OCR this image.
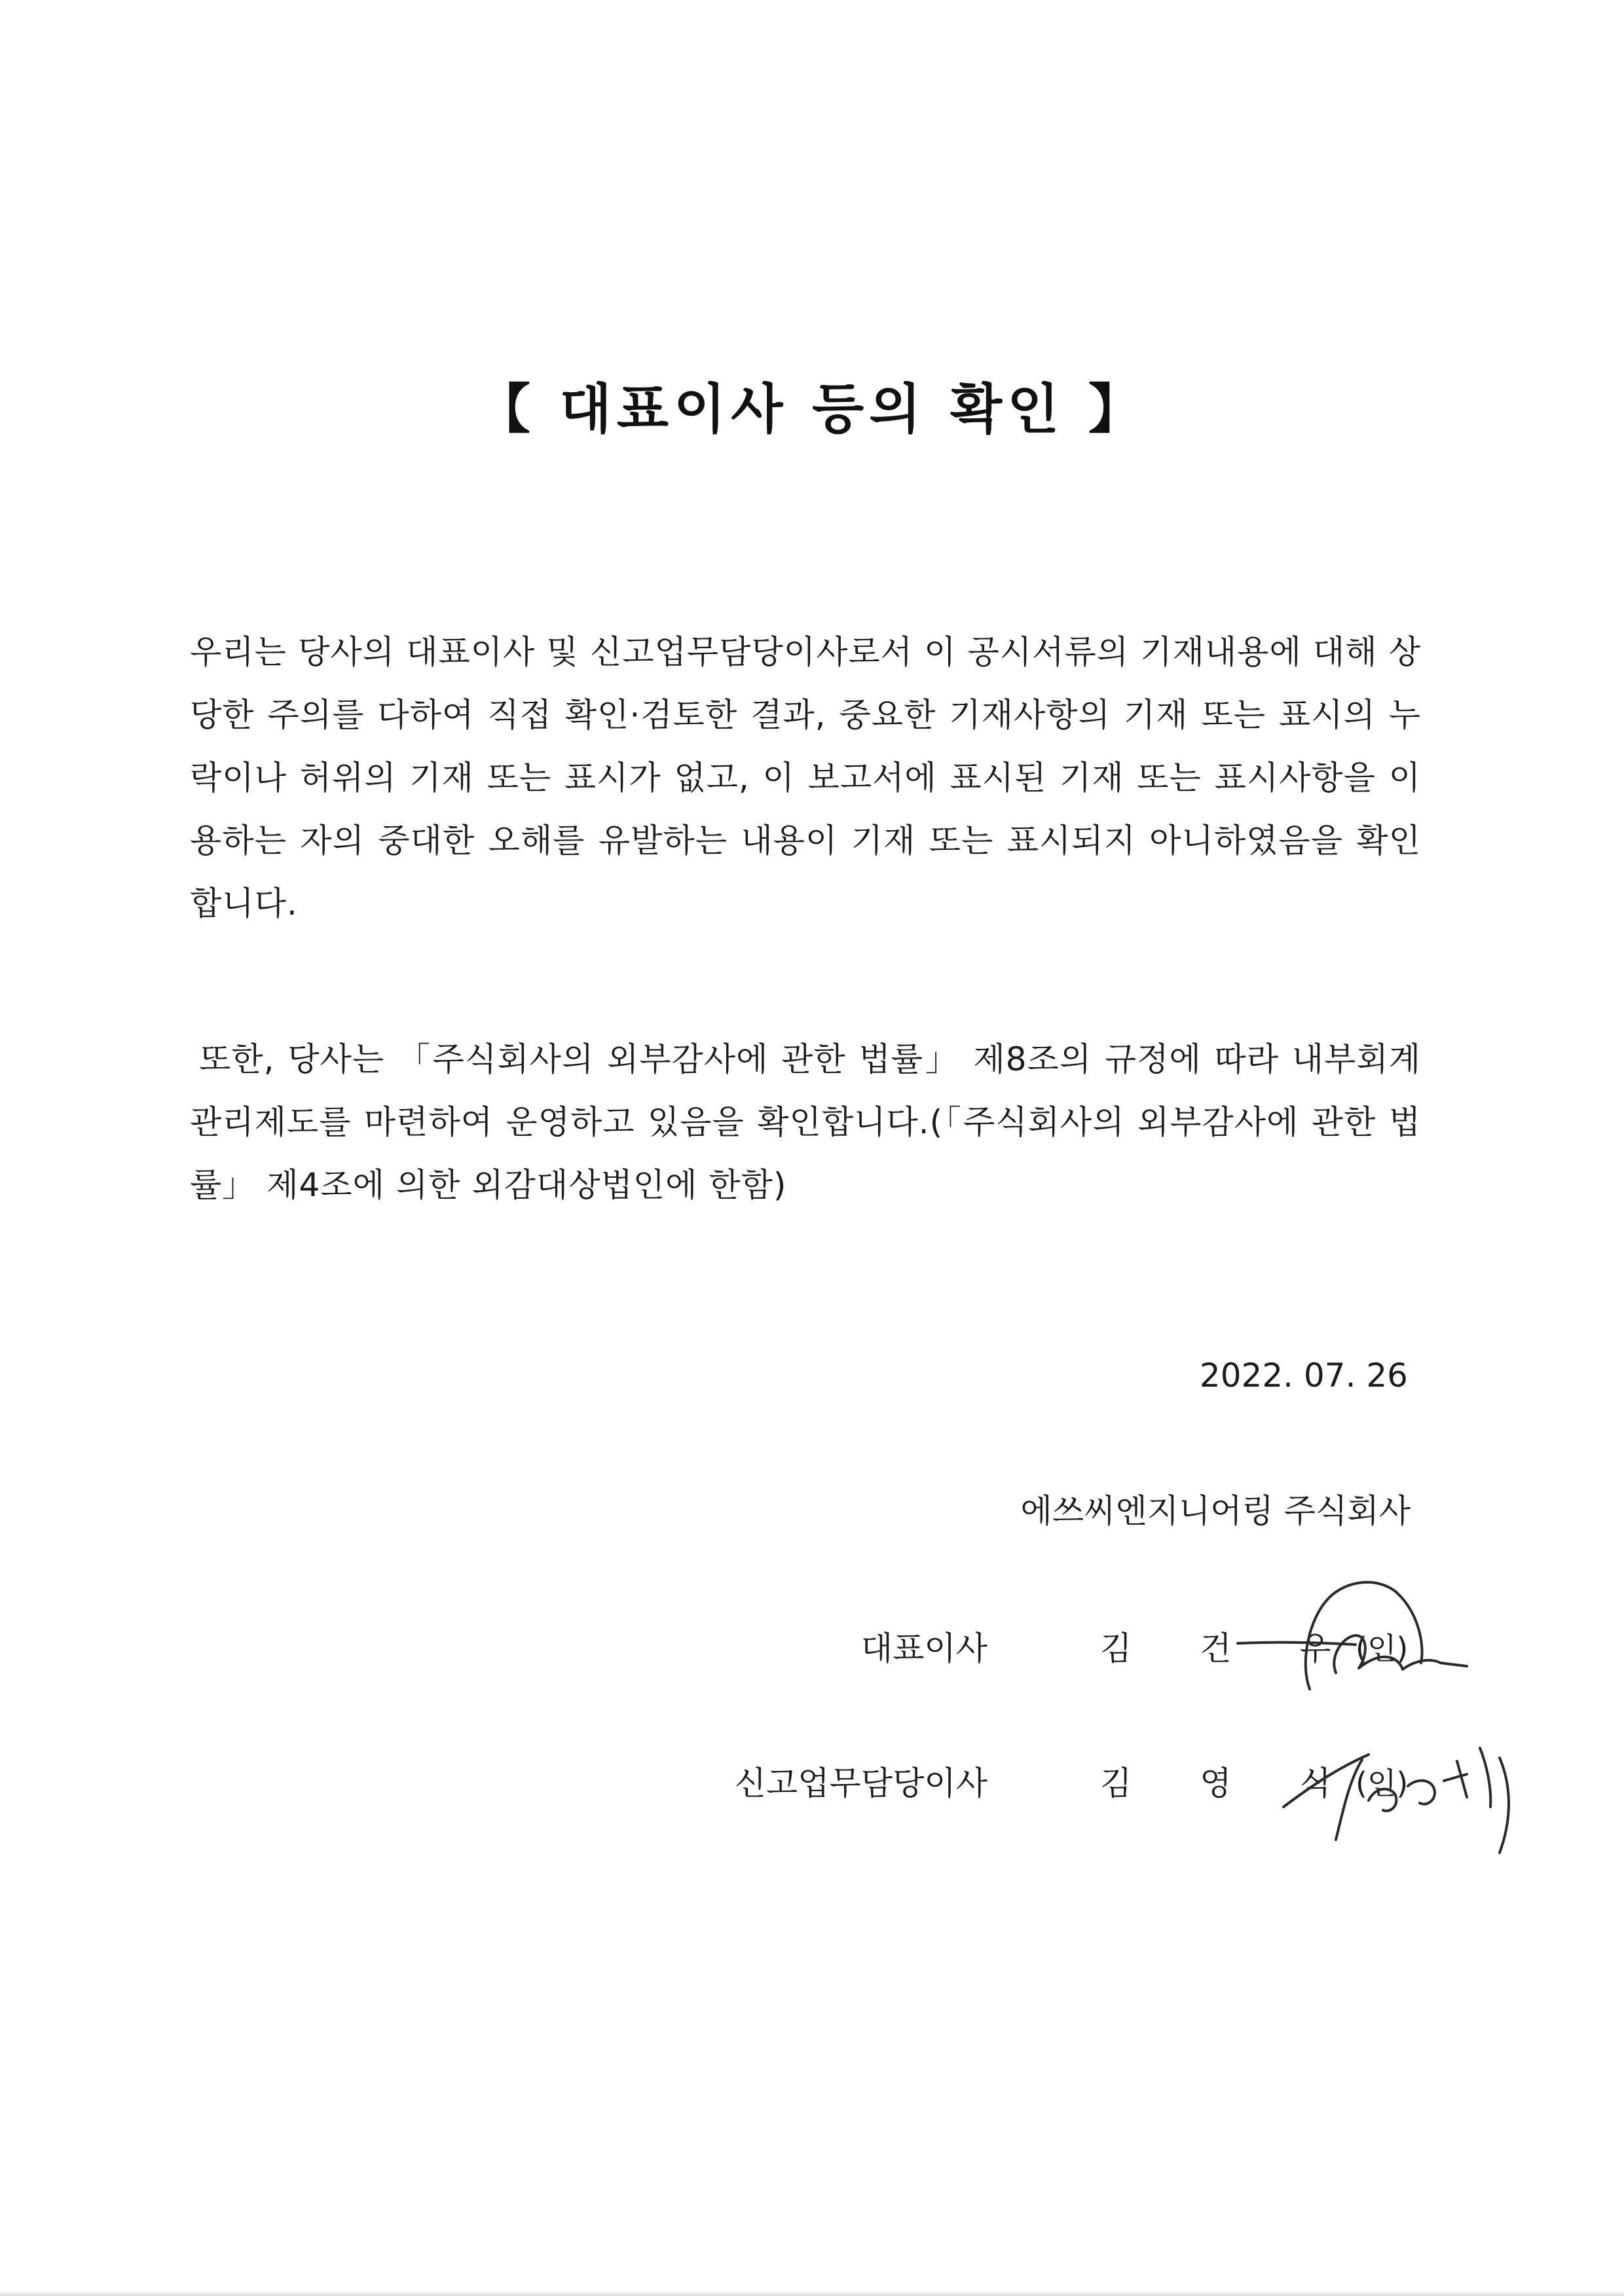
【 대표이사 등의 확인 】
우리는 당사의 대표이사 및 신고업무담당이사로서 이 공시서류의 기재내용에 대해 상당한 주의를 다하여 직접 확인·검토한 결과, 중요한 기재사항의 기재 또는 표시의 누락이나 허위의 기재 또는 표시가 없고, 이 보고서에 표시된 기재 또는 표시사항을 이용하는 자의 중대한 오해를 유발하는 내용이 기재 또는 표시되지 아니하였음을 확인합니다.
또한, 당사는 「주식회사의 외부감사에 관한 법률」 제8조의 규정에 따라 내부회계관리제도를 마련하여 운영하고 있음을 확인합니다.(「주식회사의 외부감사에 관한 법률」 제4조에 의한 외감대상법인에 한함)
2022. 07. 26
에쓰씨엔지니어링 주식회사
대표이사	김 건 우
(인)
신고업무담당이사	김 영 식
(인)
